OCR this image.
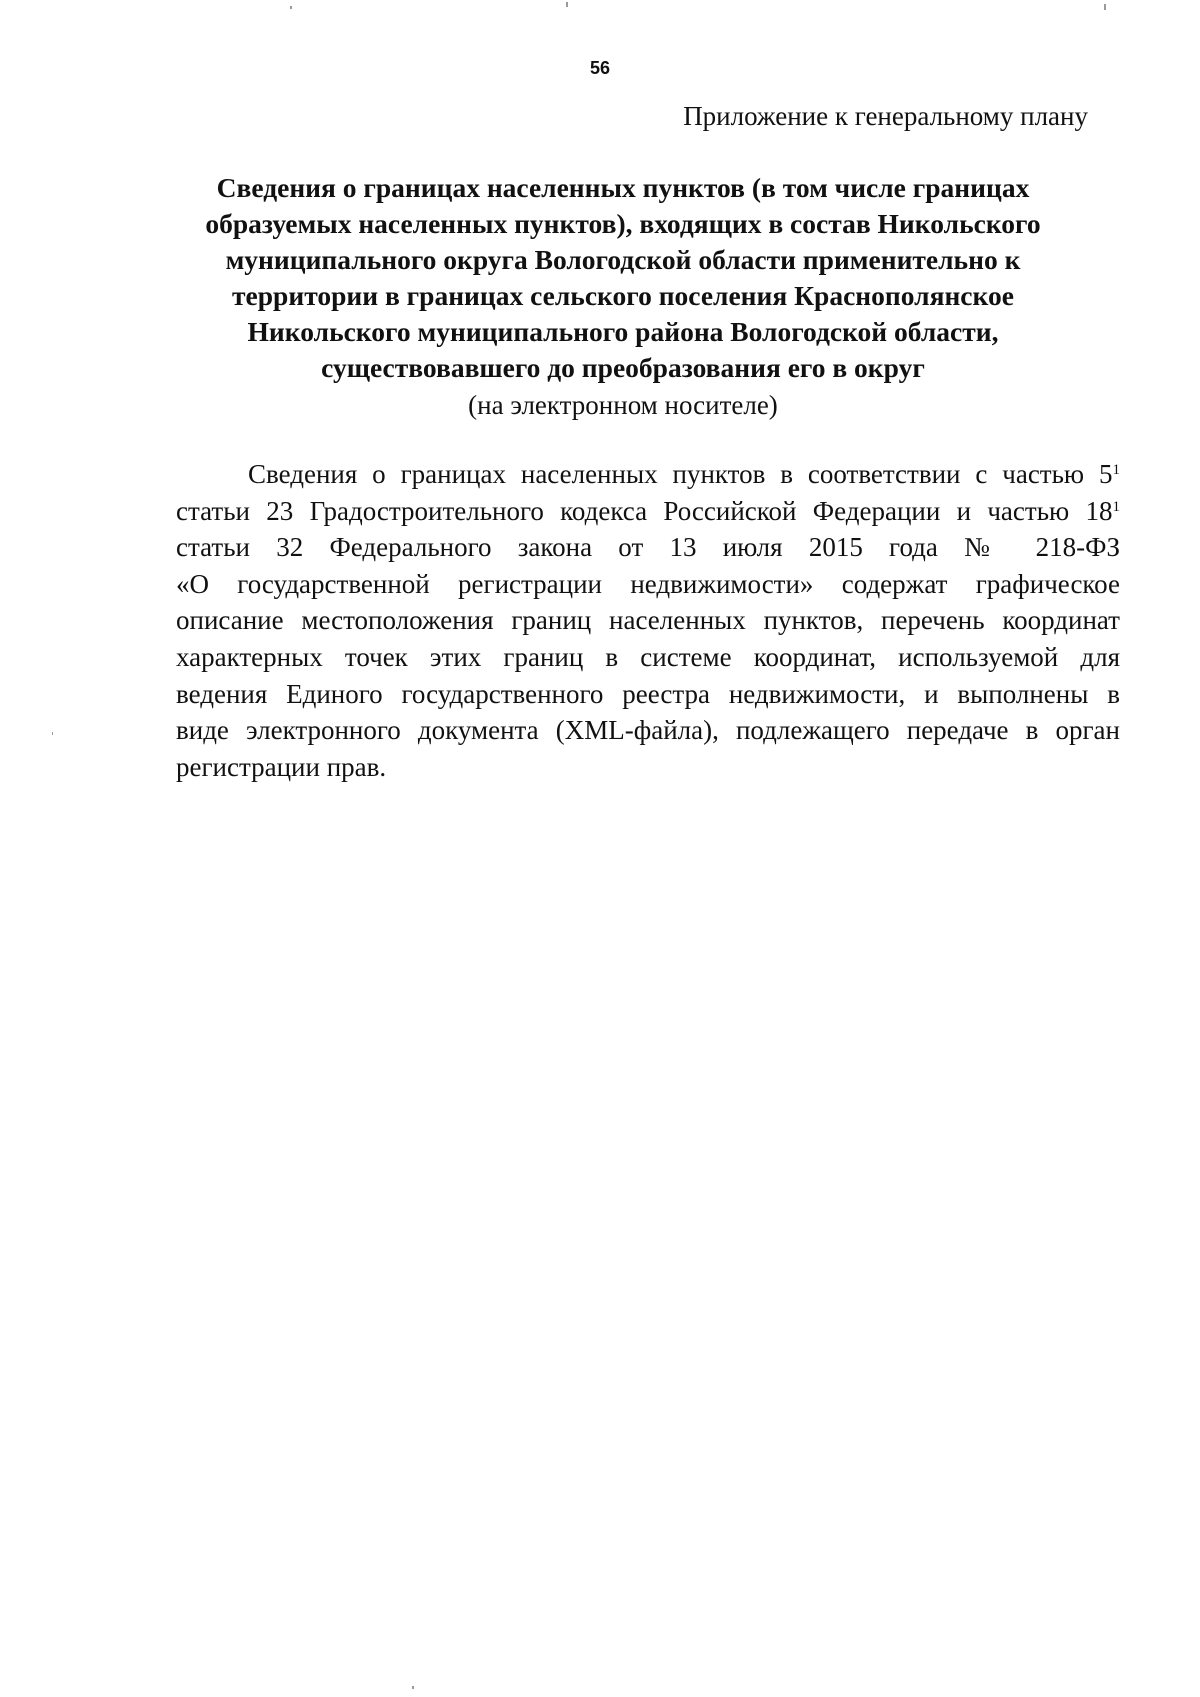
56
Приложение к генеральному плану
Сведения о границах населенных пунктов (в том числе границах
образуемых населенных пунктов), входящих в состав Никольского
муниципального округа Вологодской области применительно к
территории в границах сельского поселения Краснополянское
Никольского муниципального района Вологодской области,
существовавшего до преобразования его в округ
(на электронном носителе)
Сведения о границах населенных пунктов в соответствии с частью $5^1$
статьи 23 Градостроительного кодекса Российской Федерации и частью $18^1$
статьи 32 Федерального закона от 13 июля 2015 года № 218-ФЗ
«О государственной регистрации недвижимости» содержат графическое
описание местоположения границ населенных пунктов, перечень координат
характерных точек этих границ в системе координат, используемой для
ведения Единого государственного реестра недвижимости, и выполнены в
виде электронного документа (XML-файла), подлежащего передаче в орган
регистрации прав.
